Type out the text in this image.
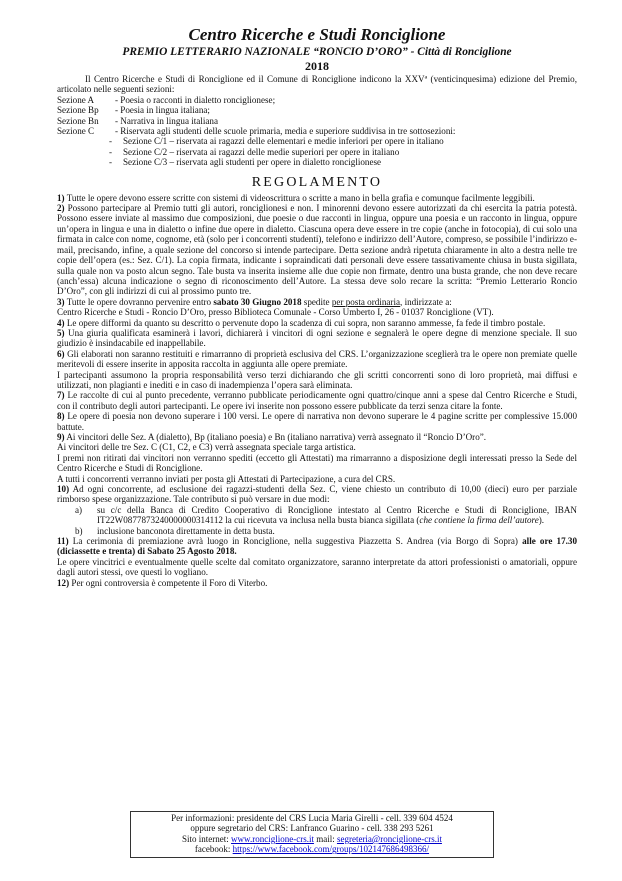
Centro Ricerche e Studi Ronciglione
PREMIO LETTERARIO NAZIONALE “RONCIO D’ORO” - Città di Ronciglione
2018

Il Centro Ricerche e Studi di Ronciglione ed il Comune di Ronciglione indicono la XXVª (venticinquesima) edizione del Premio, articolato nelle seguenti sezioni:

Sezione A	- Poesia o racconti in dialetto ronciglionese;
Sezione Bp	- Poesia in lingua italiana;
Sezione Bn	- Narrativa in lingua italiana
Sezione C	- Riservata agli studenti delle scuole primaria, media e superiore suddivisa in tre sottosezioni:
-	Sezione C/1 – riservata ai ragazzi delle elementari e medie inferiori per opere in italiano
-	Sezione C/2 – riservata ai ragazzi delle medie superiori per opere in italiano
-	Sezione C/3 – riservata agli studenti per opere in dialetto ronciglionese
REGOLAMENTO

1) Tutte le opere devono essere scritte con sistemi di videoscrittura o scritte a mano in bella grafia e comunque facilmente leggibili.

2) Possono partecipare al Premio tutti gli autori, ronciglionesi e non. I minorenni devono essere autorizzati da chi esercita la patria potestà. Possono essere inviate al massimo due composizioni, due poesie o due racconti in lingua, oppure una poesia e un racconto in lingua, oppure un’opera in lingua e una in dialetto o infine due opere in dialetto. Ciascuna opera deve essere in tre copie (anche in fotocopia), di cui solo una firmata in calce con nome, cognome, età (solo per i concorrenti studenti), telefono e indirizzo dell’Autore, compreso, se possibile l’indirizzo e-mail, precisando, infine, a quale sezione del concorso si intende partecipare. Detta sezione andrà ripetuta chiaramente in alto a destra nelle tre copie dell’opera (es.: Sez. C/1). La copia firmata, indicante i sopraindicati dati personali deve essere tassativamente chiusa in busta sigillata, sulla quale non va posto alcun segno. Tale busta va inserita insieme alle due copie non firmate, dentro una busta grande, che non deve recare (anch’essa) alcuna indicazione o segno di riconoscimento dell’Autore. La stessa deve solo recare la scritta: “Premio Letterario Roncio D’Oro”, con gli indirizzi di cui al prossimo punto tre.

3) Tutte le opere dovranno pervenire entro sabato 30 Giugno 2018 spedite per posta ordinaria, indirizzate a:

Centro Ricerche e Studi - Roncio D’Oro, presso Biblioteca Comunale - Corso Umberto I, 26 - 01037 Ronciglione (VT).

4) Le opere difformi da quanto su descritto o pervenute dopo la scadenza di cui sopra, non saranno ammesse, fa fede il timbro postale.

5) Una giuria qualificata esaminerà i lavori, dichiarerà i vincitori di ogni sezione e segnalerà le opere degne di menzione speciale. Il suo giudizio è insindacabile ed inappellabile.

6) Gli elaborati non saranno restituiti e rimarranno di proprietà esclusiva del CRS. L’organizzazione sceglierà tra le opere non premiate quelle meritevoli di essere inserite in apposita raccolta in aggiunta alle opere premiate.

I partecipanti assumono la propria responsabilità verso terzi dichiarando che gli scritti concorrenti sono di loro proprietà, mai diffusi e utilizzati, non plagianti e inediti e in caso di inadempienza l’opera sarà eliminata.

7) Le raccolte di cui al punto precedente, verranno pubblicate periodicamente ogni quattro/cinque anni a spese dal Centro Ricerche e Studi, con il contributo degli autori partecipanti. Le opere ivi inserite non possono essere pubblicate da terzi senza citare la fonte.

8) Le opere di poesia non devono superare i 100 versi. Le opere di narrativa non devono superare le 4 pagine scritte per complessive 15.000 battute.

9) Ai vincitori delle Sez. A (dialetto), Bp (italiano poesia) e Bn (italiano narrativa) verrà assegnato il “Roncio D’Oro”.

Ai vincitori delle tre Sez. C (C1, C2, e C3) verrà assegnata speciale targa artistica.

I premi non ritirati dai vincitori non verranno spediti (eccetto gli Attestati) ma rimarranno a disposizione degli interessati presso la Sede del Centro Ricerche e Studi di Ronciglione.

A tutti i concorrenti verranno inviati per posta gli Attestati di Partecipazione, a cura del CRS.

10) Ad ogni concorrente, ad esclusione dei ragazzi-studenti della Sez. C, viene chiesto un contributo di 10,00 (dieci) euro per parziale rimborso spese organizzazione. Tale contributo si può versare in due modi:

a)	su c/c della Banca di Credito Cooperativo di Ronciglione intestato al Centro Ricerche e Studi di Ronciglione, IBAN IT22W0877873240000000314112 la cui ricevuta va inclusa nella busta bianca sigillata (che contiene la firma dell’autore).

b)	inclusione banconota direttamente in detta busta.

11) La cerimonia di premiazione avrà luogo in Ronciglione, nella suggestiva Piazzetta S. Andrea (via Borgo di Sopra) alle ore 17.30 (diciassette e trenta) di Sabato 25 Agosto 2018.

Le opere vincitrici e eventualmente quelle scelte dal comitato organizzatore, saranno interpretate da attori professionisti o amatoriali, oppure dagli autori stessi, ove questi lo vogliano.

12) Per ogni controversia è competente il Foro di Viterbo.

Per informazioni: presidente del CRS Lucia Maria Girelli - cell. 339 604 4524
oppure segretario del CRS: Lanfranco Guarino - cell. 338 293 5261
Sito internet: www.ronciglione-crs.it mail: segreteria@ronciglione-crs.it
facebook: https://www.facebook.com/groups/102147686498366/
